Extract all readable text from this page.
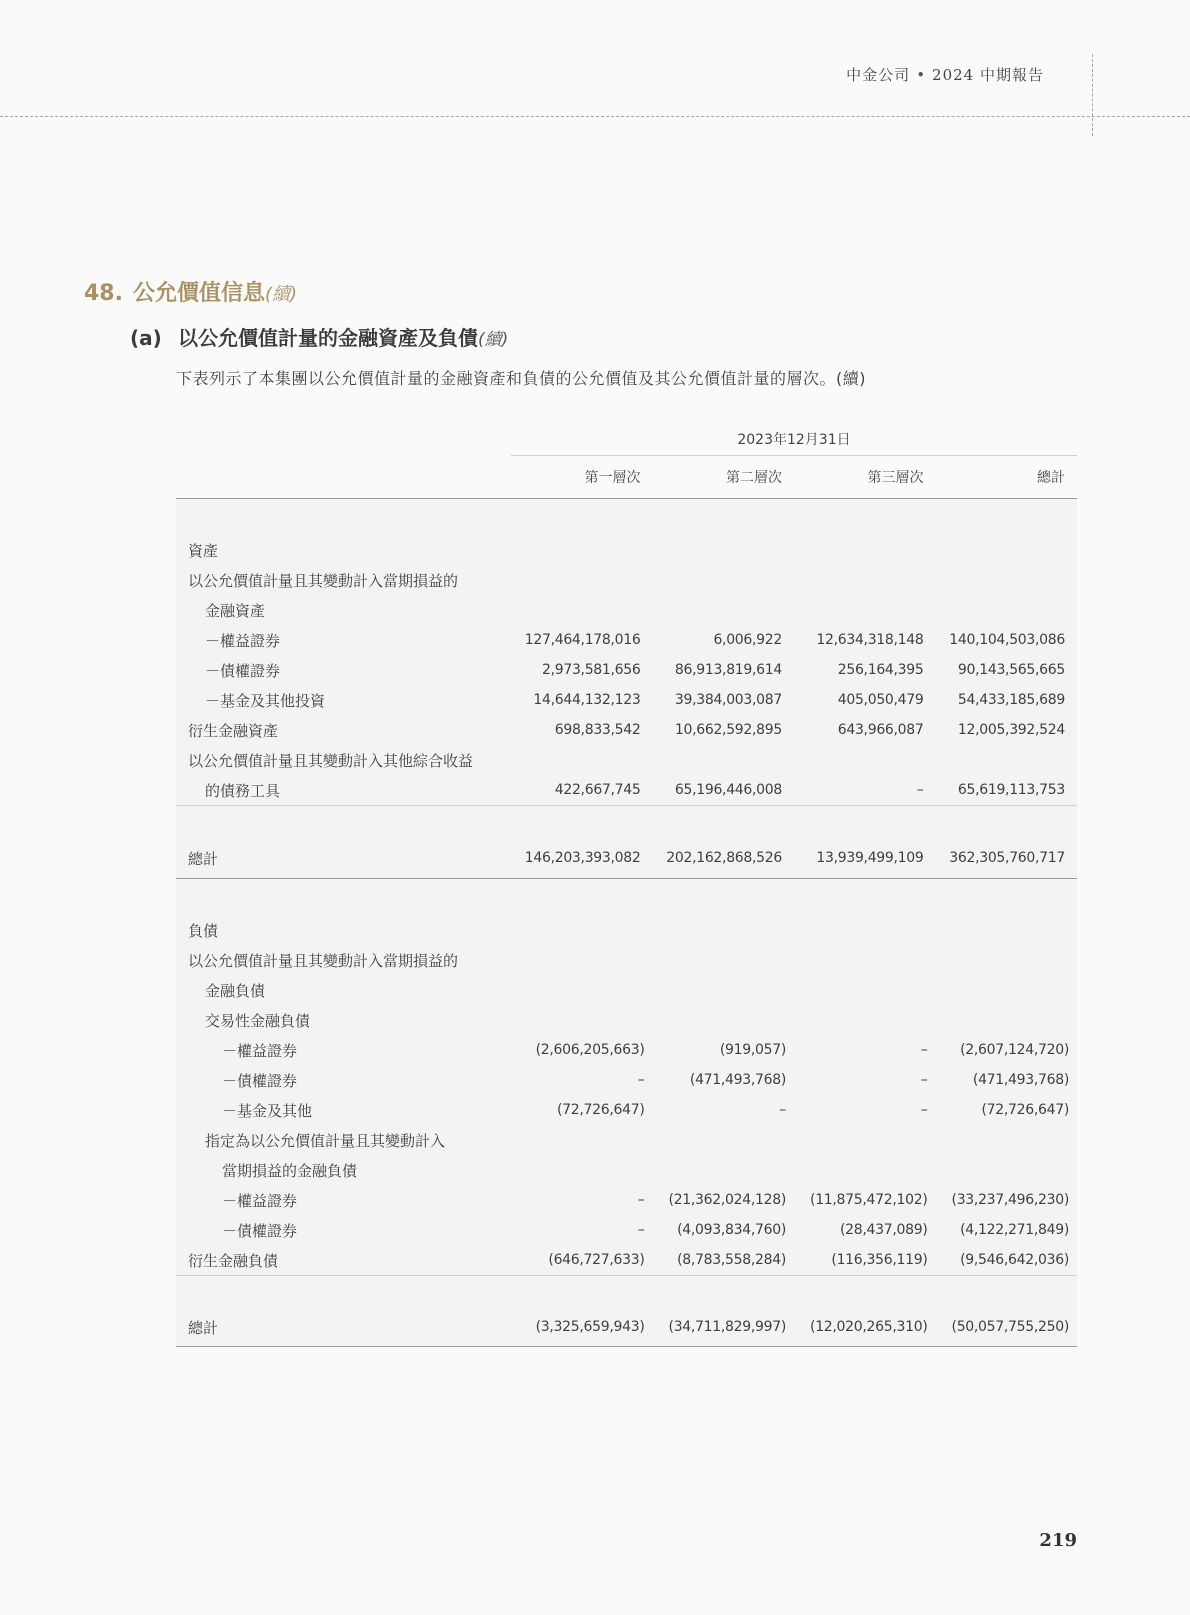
中金公司 • 2024 中期報告
48. 公允價值信息(續)
(a) 以公允價值計量的金融資產及負債(續)
下表列示了本集團以公允價值計量的金融資產和負債的公允價值及其公允價值計量的層次。(續)
2023年12月31日
第一層次	第二層次	第三層次	總計
資產
以公允價值計量且其變動計入當期損益的
金融資產
－權益證券	127,464,178,016	6,006,922	12,634,318,148	140,104,503,086
－債權證券	2,973,581,656	86,913,819,614	256,164,395	90,143,565,665
－基金及其他投資	14,644,132,123	39,384,003,087	405,050,479	54,433,185,689
衍生金融資產	698,833,542	10,662,592,895	643,966,087	12,005,392,524
以公允價值計量且其變動計入其他綜合收益
的債務工具	422,667,745	65,196,446,008	–	65,619,113,753
總計	146,203,393,082	202,162,868,526	13,939,499,109	362,305,760,717
負債
以公允價值計量且其變動計入當期損益的
金融負債
交易性金融負債
－權益證券	(2,606,205,663)	(919,057)	–	(2,607,124,720)
－債權證券	–	(471,493,768)	–	(471,493,768)
－基金及其他	(72,726,647)	–	–	(72,726,647)
指定為以公允價值計量且其變動計入
當期損益的金融負債
－權益證券	–	(21,362,024,128)	(11,875,472,102)	(33,237,496,230)
－債權證券	–	(4,093,834,760)	(28,437,089)	(4,122,271,849)
衍生金融負債	(646,727,633)	(8,783,558,284)	(116,356,119)	(9,546,642,036)
總計	(3,325,659,943)	(34,711,829,997)	(12,020,265,310)	(50,057,755,250)
219
